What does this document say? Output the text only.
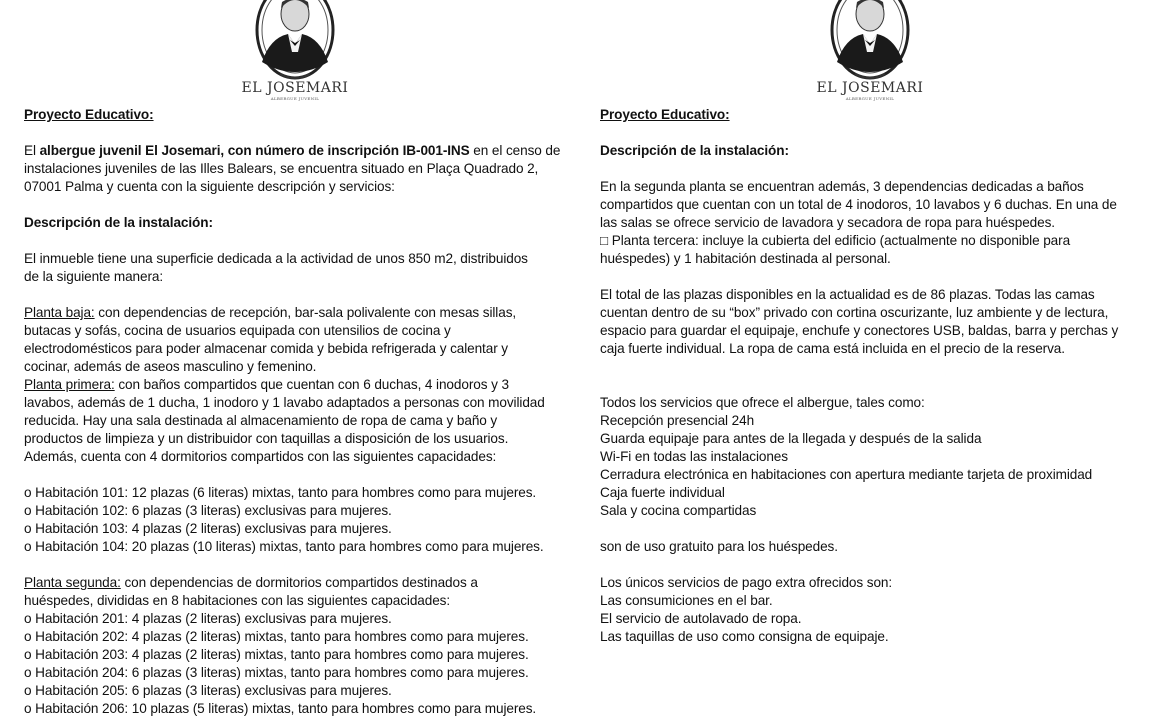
EL JOSEMARI
ALBERGUE JUVENIL
Proyecto Educativo:
El albergue juvenil El Josemari, con número de inscripción IB-001-INS en el censo de
instalaciones juveniles de las Illes Balears, se encuentra situado en Plaça Quadrado 2,
07001 Palma y cuenta con la siguiente descripción y servicios:
Descripción de la instalación:
El inmueble tiene una superficie dedicada a la actividad de unos 850 m2, distribuidos
de la siguiente manera:
Planta baja: con dependencias de recepción, bar-sala polivalente con mesas sillas,
butacas y sofás, cocina de usuarios equipada con utensilios de cocina y
electrodomésticos para poder almacenar comida y bebida refrigerada y calentar y
cocinar, además de aseos masculino y femenino.
Planta primera: con baños compartidos que cuentan con 6 duchas, 4 inodoros y 3
lavabos, además de 1 ducha, 1 inodoro y 1 lavabo adaptados a personas con movilidad
reducida. Hay una sala destinada al almacenamiento de ropa de cama y baño y
productos de limpieza y un distribuidor con taquillas a disposición de los usuarios.
Además, cuenta con 4 dormitorios compartidos con las siguientes capacidades:
o Habitación 101: 12 plazas (6 literas) mixtas, tanto para hombres como para mujeres.
o Habitación 102: 6 plazas (3 literas) exclusivas para mujeres.
o Habitación 103: 4 plazas (2 literas) exclusivas para mujeres.
o Habitación 104: 20 plazas (10 literas) mixtas, tanto para hombres como para mujeres.
Planta segunda: con dependencias de dormitorios compartidos destinados a
huéspedes, divididas en 8 habitaciones con las siguientes capacidades:
o Habitación 201: 4 plazas (2 literas) exclusivas para mujeres.
o Habitación 202: 4 plazas (2 literas) mixtas, tanto para hombres como para mujeres.
o Habitación 203: 4 plazas (2 literas) mixtas, tanto para hombres como para mujeres.
o Habitación 204: 6 plazas (3 literas) mixtas, tanto para hombres como para mujeres.
o Habitación 205: 6 plazas (3 literas) exclusivas para mujeres.
o Habitación 206: 10 plazas (5 literas) mixtas, tanto para hombres como para mujeres.
EL JOSEMARI
ALBERGUE JUVENIL
Proyecto Educativo:
Descripción de la instalación:
En la segunda planta se encuentran además, 3 dependencias dedicadas a baños
compartidos que cuentan con un total de 4 inodoros, 10 lavabos y 6 duchas. En una de
las salas se ofrece servicio de lavadora y secadora de ropa para huéspedes.
□ Planta tercera: incluye la cubierta del edificio (actualmente no disponible para
huéspedes) y 1 habitación destinada al personal.
El total de las plazas disponibles en la actualidad es de 86 plazas. Todas las camas
cuentan dentro de su “box” privado con cortina oscurizante, luz ambiente y de lectura,
espacio para guardar el equipaje, enchufe y conectores USB, baldas, barra y perchas y
caja fuerte individual. La ropa de cama está incluida en el precio de la reserva.
Todos los servicios que ofrece el albergue, tales como:
Recepción presencial 24h
Guarda equipaje para antes de la llegada y después de la salida
Wi-Fi en todas las instalaciones
Cerradura electrónica en habitaciones con apertura mediante tarjeta de proximidad
Caja fuerte individual
Sala y cocina compartidas
son de uso gratuito para los huéspedes.
Los únicos servicios de pago extra ofrecidos son:
Las consumiciones en el bar.
El servicio de autolavado de ropa.
Las taquillas de uso como consigna de equipaje.
